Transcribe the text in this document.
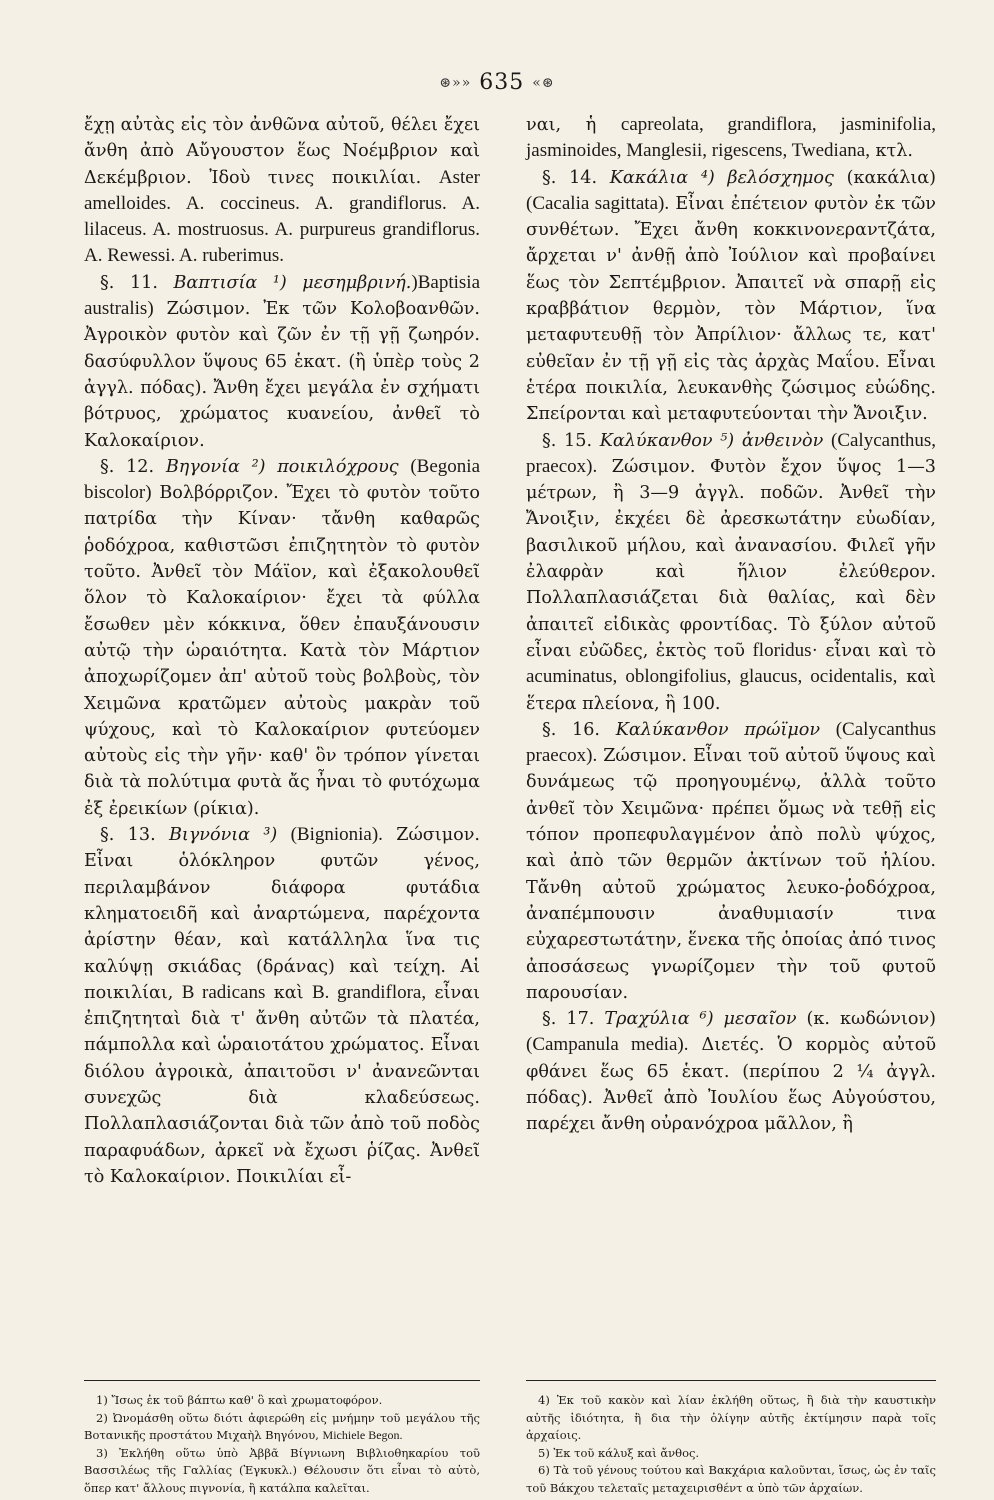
⊛»» 635 «⊛

ἔχῃ αὐτὰς εἰς τὸν ἀνθῶνα αὐτοῦ, θέλει ἔχει ἄνθη ἀπὸ Αὔγουστον ἕως Νοέμβριον καὶ Δεκέμβριον. Ἰδοὺ τινες ποικιλίαι. Aster amelloides. A. coccineus. A. grandiflorus. A. lilaceus. A. mostruosus. A. purpureus grandiflorus. A. Rewessi. A. ruberimus.

§. 11. Βαπτισία ¹) μεσημβρινή.)Baptisia australis) Ζώσιμον. Ἐκ τῶν Κολοβοανθῶν. Ἀγροικὸν φυτὸν καὶ ζῶν ἐν τῇ γῇ ζωηρόν. δασύφυλλον ὕψους 65 ἑκατ. (ἢ ὑπὲρ τοὺς 2 ἀγγλ. πόδας). Ἄνθη ἔχει μεγάλα ἐν σχήματι βότρυος, χρώματος κυανείου, ἀνθεῖ τὸ Καλοκαίριον.

§. 12. Βηγονία ²) ποικιλόχρους (Begonia biscolor) Βολβόρριζον. Ἔχει τὸ φυτὸν τοῦτο πατρίδα τὴν Κίναν· τἄνθη καθαρῶς ῥοδόχροα, καθιστῶσι ἐπιζητητὸν τὸ φυτὸν τοῦτο. Ἀνθεῖ τὸν Μάϊον, καὶ ἐξακολουθεῖ ὅλον τὸ Καλοκαίριον· ἔχει τὰ φύλλα ἔσωθεν μὲν κόκκινα, ὅθεν ἐπαυξάνουσιν αὐτῷ τὴν ὡραιότητα. Κατὰ τὸν Μάρτιον ἀποχωρίζομεν ἀπ' αὐτοῦ τοὺς βολβοὺς, τὸν Χειμῶνα κρατῶμεν αὐτοὺς μακρὰν τοῦ ψύχους, καὶ τὸ Καλοκαίριον φυτεύομεν αὐτοὺς εἰς τὴν γῆν· καθ' ὃν τρόπον γίνεται διὰ τὰ πολύτιμα φυτὰ ἄς ἦναι τὸ φυτόχωμα ἐξ ἐρεικίων (ρίκια).

§. 13. Βιγνόνια ³) (Bignionia). Ζώσιμον. Εἶναι ὁλόκληρον φυτῶν γένος, περιλαμβάνον διάφορα φυτάδια κληματοειδῆ καὶ ἀναρτώμενα, παρέχοντα ἀρίστην θέαν, καὶ κατάλληλα ἵνα τις καλύψῃ σκιάδας (δράνας) καὶ τείχη. Αἱ ποικιλίαι, B radicans καὶ B. grandiflora, εἶναι ἐπιζητηταὶ διὰ τ' ἄνθη αὐτῶν τὰ πλατέα, πάμπολλα καὶ ὡραιοτάτου χρώματος. Εἶναι διόλου ἀγροικὰ, ἀπαιτοῦσι ν' ἀνανεῶνται συνεχῶς διὰ κλαδεύσεως. Πολλαπλασιάζονται διὰ τῶν ἀπὸ τοῦ ποδὸς παραφυάδων, ἀρκεῖ νὰ ἔχωσι ῥίζας. Ἀνθεῖ τὸ Καλοκαίριον. Ποικιλίαι εἶ-

ναι, ἡ capreolata, grandiflora, jasminifolia, jasminoides, Manglesii, rigescens, Twediana, κτλ.

§. 14. Κακάλια ⁴) βελόσχημος (κακάλια) (Cacalia sagittata). Εἶναι ἐπέτειον φυτὸν ἐκ τῶν συνθέτων. Ἔχει ἄνθη κοκκινονεραντζάτα, ἄρχεται ν' ἀνθῇ ἀπὸ Ἰούλιον καὶ προβαίνει ἕως τὸν Σεπτέμβριον. Ἀπαιτεῖ νὰ σπαρῇ εἰς κραββάτιον θερμὸν, τὸν Μάρτιον, ἵνα μεταφυτευθῇ τὸν Ἀπρίλιον· ἄλλως τε, κατ' εὐθεῖαν ἐν τῇ γῇ εἰς τὰς ἀρχὰς Μαΐου. Εἶναι ἑτέρα ποικιλία, λευκανθὴς ζώσιμος εὐώδης. Σπείρονται καὶ μεταφυτεύονται τὴν Ἄνοιξιν.

§. 15. Καλύκανθον ⁵) ἀνθεινὸν (Calycanthus, praecox). Ζώσιμον. Φυτὸν ἔχον ὕψος 1—3 μέτρων, ἢ 3—9 ἀγγλ. ποδῶν. Ἀνθεῖ τὴν Ἄνοιξιν, ἐκχέει δὲ ἀρεσκωτάτην εὐωδίαν, βασιλικοῦ μήλου, καὶ ἀνανασίου. Φιλεῖ γῆν ἐλαφρὰν καὶ ἥλιον ἐλεύθερον. Πολλαπλασιάζεται διὰ θαλίας, καὶ δὲν ἀπαιτεῖ εἰδικὰς φροντίδας. Τὸ ξύλον αὐτοῦ εἶναι εὐῶδες, ἐκτὸς τοῦ floridus· εἶναι καὶ τὸ acuminatus, oblongifolius, glaucus, ocidentalis, καὶ ἕτερα πλείονα, ἢ 100.

§. 16. Καλύκανθον πρώϊμον (Calycanthus praecox). Ζώσιμον. Εἶναι τοῦ αὐτοῦ ὕψους καὶ δυνάμεως τῷ προηγουμένῳ, ἀλλὰ τοῦτο ἀνθεῖ τὸν Χειμῶνα· πρέπει ὅμως νὰ τεθῇ εἰς τόπον προπεφυλαγμένον ἀπὸ πολὺ ψύχος, καὶ ἀπὸ τῶν θερμῶν ἀκτίνων τοῦ ἡλίου. Τἄνθη αὐτοῦ χρώματος λευκο-ῥοδόχροα, ἀναπέμπουσιν ἀναθυμιασίν τινα εὐχαρεστωτάτην, ἕνεκα τῆς ὁποίας ἀπό τινος ἀποσάσεως γνωρίζομεν τὴν τοῦ φυτοῦ παρουσίαν.

§. 17. Τραχύλια ⁶) μεσαῖον (κ. κωδώνιον) (Campanula media). Διετές. Ὁ κορμὸς αὐτοῦ φθάνει ἕως 65 ἑκατ. (περίπου 2 ¼ ἀγγλ. πόδας). Ἀνθεῖ ἀπὸ Ἰουλίου ἕως Αὐγούστου, παρέχει ἄνθη οὐρανόχροα μᾶλλον, ἢ

1) Ἴσως ἐκ τοῦ βάπτω καθ' ὃ καὶ χρωματοφόρον.

2) Ὠνομάσθη οὕτω διότι ἀφιερώθη εἰς μνήμην τοῦ μεγάλου τῆς Βοτανικῆς προστάτου Μιχαὴλ Βηγόνου, Michiele Begon.

3) Ἐκλήθη οὕτω ὑπὸ Ἀββᾶ Βίγνιωνη Βιβλιοθηκαρίου τοῦ Βασσιλέως τῆς Γαλλίας (Ἐγκυκλ.) Θέλουσιν ὅτι εἶναι τὸ αὐτὸ, ὅπερ κατ' ἄλλους πιγνονία, ἢ κατάλπα καλεῖται.

4) Ἐκ τοῦ κακὸν καὶ λίαν ἐκλήθη οὕτως, ἢ διὰ τὴν καυστικὴν αὐτῆς ἰδιότητα, ἢ δια τὴν ὀλίγην αὐτῆς ἐκτίμησιν παρὰ τοῖς ἀρχαίοις.

5) Ἐκ τοῦ κάλυξ καὶ ἄνθος.

6) Τὰ τοῦ γένους τούτου καὶ Βακχάρια καλοῦνται, ἴσως, ὡς ἐν ταῖς τοῦ Βάκχου τελεταῖς μεταχειρισθέντ α ὑπὸ τῶν ἀρχαίων.
